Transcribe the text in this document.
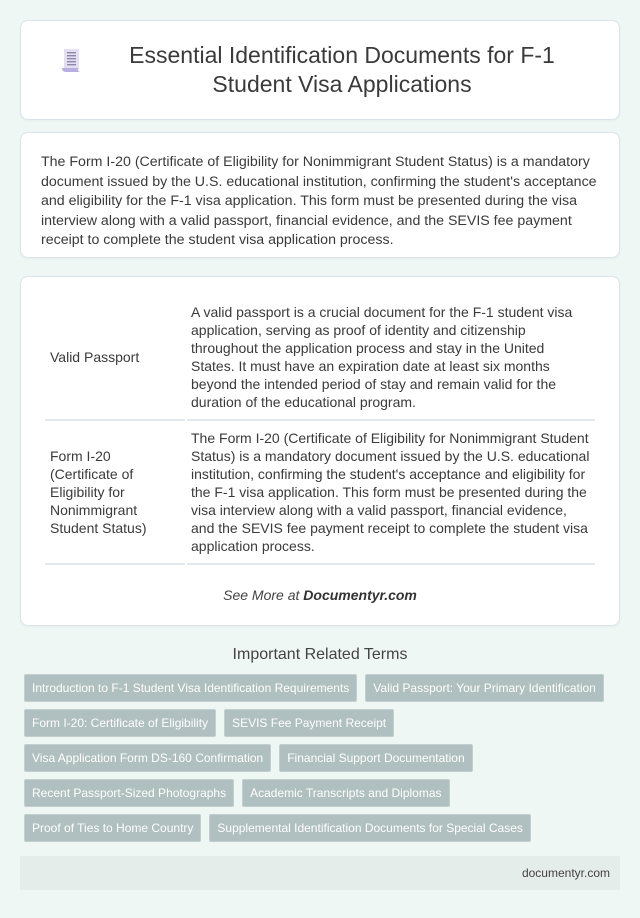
Essential Identification Documents for F-1 Student Visa Applications

The Form I-20 (Certificate of Eligibility for Nonimmigrant Student Status) is a mandatory document issued by the U.S. educational institution, confirming the student's acceptance and eligibility for the F-1 visa application. This form must be presented during the visa interview along with a valid passport, financial evidence, and the SEVIS fee payment receipt to complete the student visa application process.

Valid Passport	A valid passport is a crucial document for the F-1 student visa application, serving as proof of identity and citizenship throughout the application process and stay in the United States. It must have an expiration date at least six months beyond the intended period of stay and remain valid for the duration of the educational program.
Form I-20 (Certificate of Eligibility for Nonimmigrant Student Status)	The Form I-20 (Certificate of Eligibility for Nonimmigrant Student Status) is a mandatory document issued by the U.S. educational institution, confirming the student's acceptance and eligibility for the F-1 visa application. This form must be presented during the visa interview along with a valid passport, financial evidence, and the SEVIS fee payment receipt to complete the student visa application process.
See More at Documentyr.com
Important Related Terms
Introduction to F-1 Student Visa Identification Requirements	Valid Passport: Your Primary Identification
Form I-20: Certificate of Eligibility	SEVIS Fee Payment Receipt
Visa Application Form DS-160 Confirmation	Financial Support Documentation
Recent Passport-Sized Photographs	Academic Transcripts and Diplomas
Proof of Ties to Home Country	Supplemental Identification Documents for Special Cases
documentyr.com
